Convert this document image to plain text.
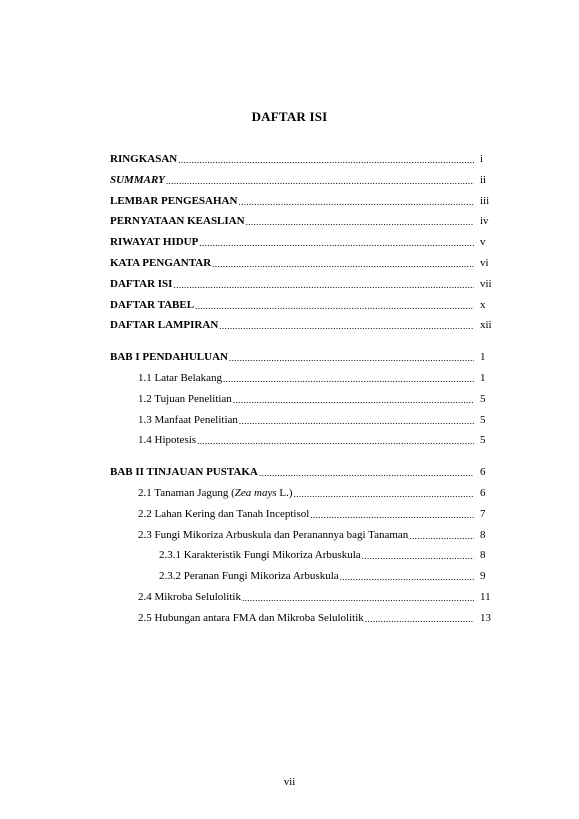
DAFTAR ISI
RINGKASAN .....	i
SUMMARY .....	ii
LEMBAR PENGESAHAN .....	iii
PERNYATAAN KEASLIAN .....	iv
RIWAYAT HIDUP .....	v
KATA PENGANTAR .....	vi
DAFTAR ISI .....	vii
DAFTAR TABEL .....	x
DAFTAR LAMPIRAN .....	xii
BAB I PENDAHULUAN .....	1
1.1 Latar Belakang .....	1
1.2 Tujuan Penelitian .....	5
1.3 Manfaat Penelitian .....	5
1.4 Hipotesis .....	5
BAB II TINJAUAN PUSTAKA .....	6
2.1 Tanaman Jagung (Zea mays L.) .....	6
2.2 Lahan Kering dan Tanah Inceptisol .....	7
2.3 Fungi Mikoriza Arbuskula dan Peranannya bagi Tanaman .....	8
2.3.1 Karakteristik Fungi Mikoriza Arbuskula .....	8
2.3.2 Peranan Fungi Mikoriza Arbuskula .....	9
2.4 Mikroba Selulolitik .....	11
2.5 Hubungan antara FMA dan Mikroba Selulolitik .....	13
vii
